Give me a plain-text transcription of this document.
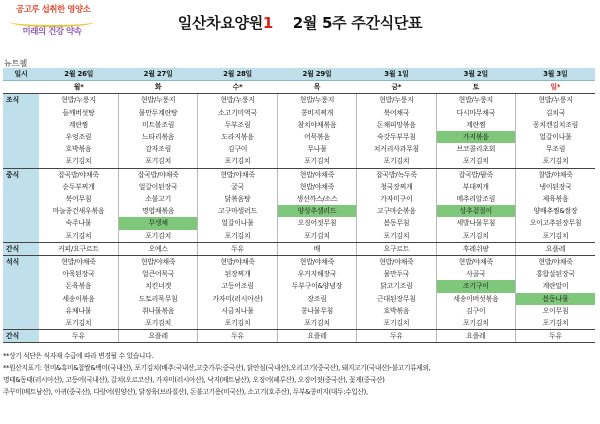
공고루 섭취한 영양소
미래의 건강 약속	일산차요양원1 2월 5주 주간식단표
뉴트웰
일시	2월 26일	2월 27일	2월 28일	2월 29일	3월 1일	3월 2일	3월 3일
	월*	화	수*	목	금*	토	일*
조식	현밥/누룽지	현밥/누룽지	현밥/누룽지	현밥/누룽지	현밥/누룽지	현밥/누룽지	현밥/누룽지
	들깨버섯탕	물만두계란탕	소고기미역국	콩비지찌개	북어채국	다시마무채국	김치국
	계란찜	미트볼조림	두부조림	참치야채볶음	돈채피망볶음	계란찜	꽁치캔김치조림
	우엉조림	느타리볶음	도라지볶음	어묵볶음	숙갓두부무침	가지볶음	얼갈이나물
	호박볶음	감자조림	김구이	무나물	치커리사과무침	브코콜리초회	무조림
	포기김치	포기김치	포기김치	포기김치	포기김치	포기김치	포기김치
중식	잡곡밥/야채죽	잡곡밥/야채죽	현밥/야채죽	현밥/야채죽	잡곡밥/녹두죽	잡곡밥/팥죽	찰밥/야채죽
	순두부찌개	얼갈이된장국	굴국	현밥/야채죽	청국장찌개	부대찌개	냉이된장국
	북어무침	소불고기	닭볶음탕	생선까스/소스	가자미구이	메추리알조림	제육볶음
	마늘종건새우볶음	명엽채볶음	고구마샐러드	양상추샐러드	고구마순볶음	상추겉절이	양배추찜&쌈장
	숙주나물	무생채	얼갈이나물	오징어젓무침	봄동무침	세발나물무침	오이고추된장무침
	포기김치	포기김치	포기김치	포기김치	포기김치	포기김치	포기김치
간식	커피/요구르트	오예스	두유	배	요구르트	후레쉬팡	요플레
석식	현밥/야채죽	현밥/야채죽	현밥/야채죽	현밥/야채죽	현밥/야채죽	현밥/야채죽	현밥/야채죽
	아욱된장국	얼큰어묵국	된장찌개	우거지해장국	물만두국	사골국	홍합살된장국
	돈육볶음	치킨너겟	고등어조림	두부구이&양념장	닭고기조림	조기구이	계란말이
	세송이볶음	도토리묵무침	가자미(러시아산)	장조림	근대된장무침	세송이버섯볶음	봄동나물
	유채나물	취나물볶음	시금치나물	콩나물무침	호박볶음	김구이	오이무침
	포기김치	포기김치	포기김치	포기김치	포기김치	포기김치	포기김치
간식	두유	요플레	두유	요플레	두유	요플레	두유

**상기 식단은 식자재 수급에 따라 변경될 수 있습니다.

**원산지표기: 현미&흑미&찹쌀&백미(국내산), 포기김치(배추:국내산,고춧가루:중국산), 닭안심(국내산),오리고기(중국산), 돼지고기(국내산)-불고기류제외,

명태&동태(러시아산), 고등어(국내산), 갈치(오르코산), 가자미(러시아산), 낙지(베트남산), 오징어(페루산), 오징어젓(중국산), 꽃게(중국산)

주꾸미(베트남산), 아귀(중국산), 다랑어(원양산), 닭정육(브라질산), 돈불고기용(미국산), 소고기(호주산), 두부&콩비지(대두:수입산),
